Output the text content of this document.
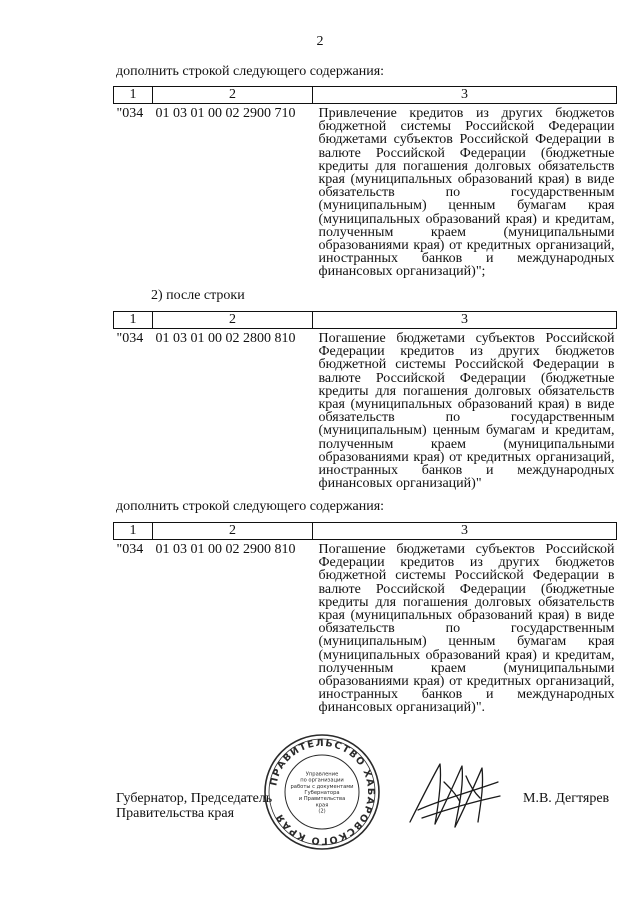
2
дополнить строкой следующего содержания:
1	2	3
"034	01 03 01 00 02 2900 710	Привлечение кредитов из других бюджетов бюджетной системы Российской Федерации бюджетами субъектов Российской Федерации в валюте Российской Федерации (бюджетные кредиты для погашения долговых обязательств края (муниципальных образований края) в виде обязательств по государственным (муниципальным) ценным бумагам края (муниципальных образований края) и кредитам, полученным краем (муниципальными образованиями края) от кредитных организаций, иностранных банков и международных финансовых организаций)";
2) после строки
1	2	3
"034	01 03 01 00 02 2800 810	Погашение бюджетами субъектов Российской Федерации кредитов из других бюджетов бюджетной системы Российской Федерации в валюте Российской Федерации (бюджетные кредиты для погашения долговых обязательств края (муниципальных образований края) в виде обязательств по государственным (муниципальным) ценным бумагам и кредитам, полученным краем (муниципальными образованиями края) от кредитных организаций, иностранных банков и международных финансовых организаций)"
дополнить строкой следующего содержания:
1	2	3
"034	01 03 01 00 02 2900 810	Погашение бюджетами субъектов Российской Федерации кредитов из других бюджетов бюджетной системы Российской Федерации в валюте Российской Федерации (бюджетные кредиты для погашения долговых обязательств края (муниципальных образований края) в виде обязательств по государственным (муниципальным) ценным бумагам края (муниципальных образований края) и кредитам, полученным краем (муниципальными образованиями края) от кредитных организаций, иностранных банков и международных финансовых организаций)".
Губернатор, Председатель
Правительства края
ПРАВИТЕЛЬСТВО ХАБАРОВСКОГО КРАЯ
Управление
по организации
работы с документами
Губернатора
и Правительства
края
(2)
М.В. Дегтярев
